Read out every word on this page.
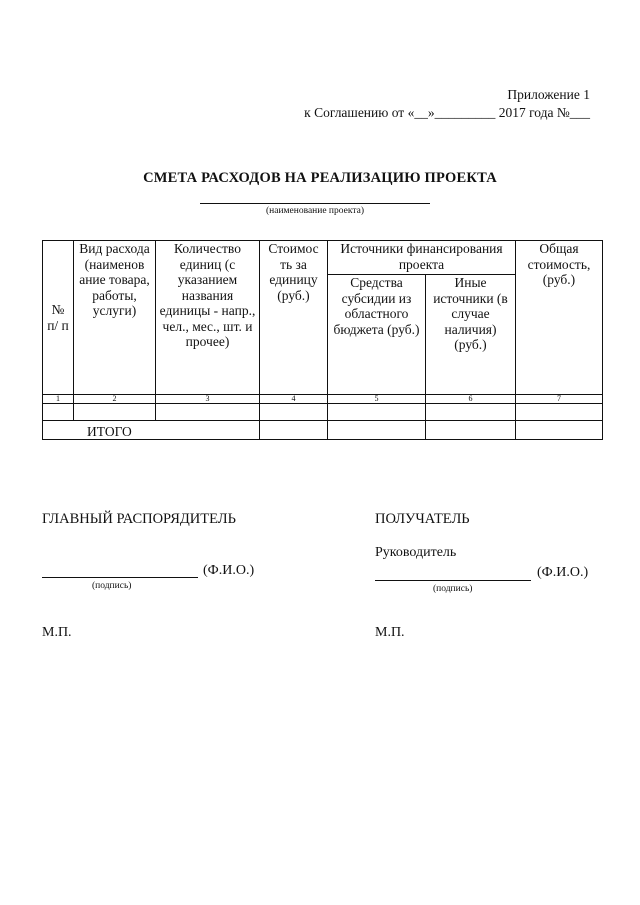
Приложение 1
к Соглашению от «__»_________ 2017 года №___
СМЕТА РАСХОДОВ НА РЕАЛИЗАЦИЮ ПРОЕКТА
(наименование проекта)
№ п/ п	Вид расхода (наименов ание товара, работы, услуги)	Количество единиц (с указанием названия единицы - напр., чел., мес., шт. и прочее)	Стоимос ть за единицу (руб.)	Источники финансирования проекта		Общая стоимость, (руб.)
				Средства субсидии из областного бюджета (руб.)	Иные источники (в случае наличия) (руб.)	
1	2	3	4	5	6	7

ИТОГО						
ГЛАВНЫЙ РАСПОРЯДИТЕЛЬ
(Ф.И.О.)
(подпись)
М.П.
ПОЛУЧАТЕЛЬ
Руководитель
(Ф.И.О.)
(подпись)
М.П.
